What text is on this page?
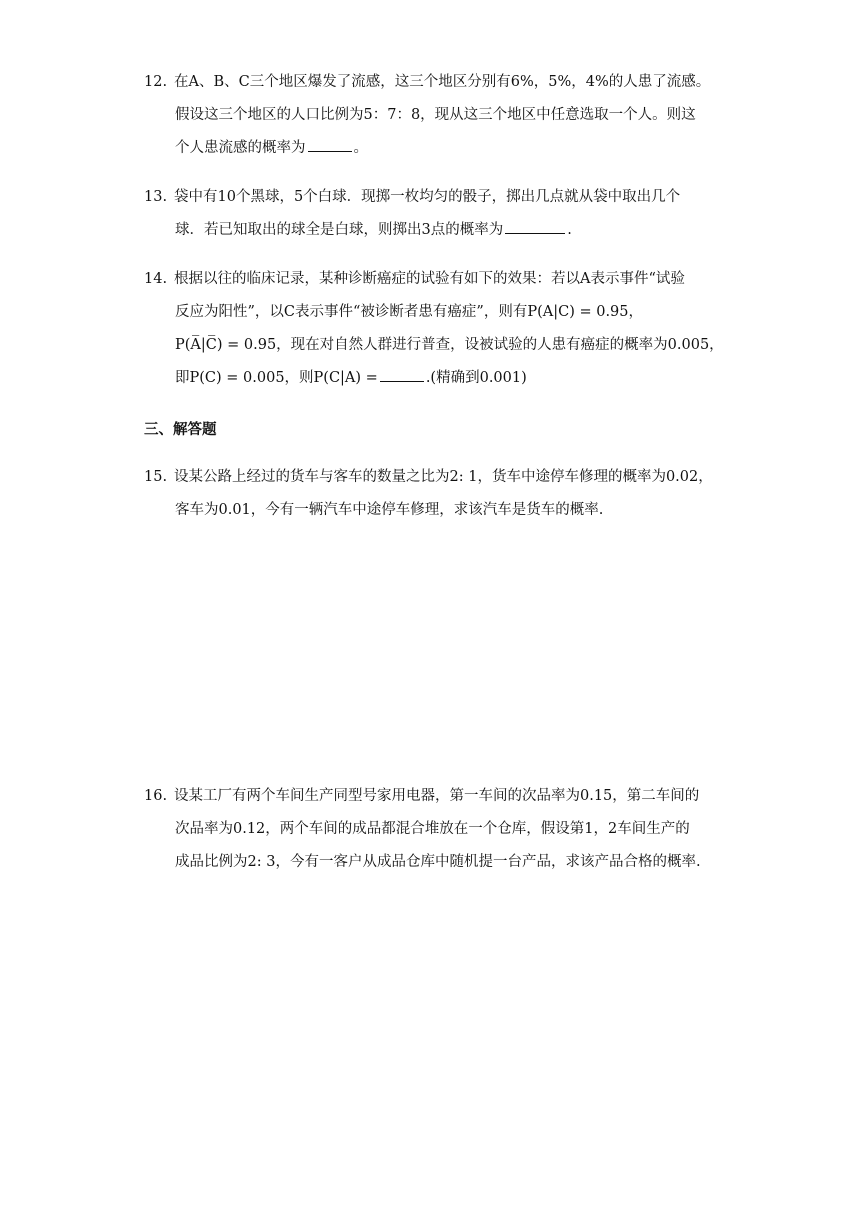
12. 在A、B、C三个地区爆发了流感，这三个地区分别有6%，5%，4%的人患了流感。
假设这三个地区的人口比例为5：7：8，现从这三个地区中任意选取一个人。则这
个人患流感的概率为	。
13. 袋中有10个黑球，5个白球．现掷一枚均匀的骰子，掷出几点就从袋中取出几个
球．若已知取出的球全是白球，则掷出3点的概率为	.
14. 根据以往的临床记录，某种诊断癌症的试验有如下的效果：若以A表示事件“试验
反应为阳性”，以C表示事件“被诊断者患有癌症”，则有P(A|C) = 0.95，
P(A̅|C̅) = 0.95，现在对自然人群进行普查，设被试验的人患有癌症的概率为0.005，
即P(C) = 0.005，则P(C|A) =	.(精确到0.001)
三、解答题
15. 设某公路上经过的货车与客车的数量之比为2: 1，货车中途停车修理的概率为0.02，
客车为0.01，今有一辆汽车中途停车修理，求该汽车是货车的概率.
16. 设某工厂有两个车间生产同型号家用电器，第一车间的次品率为0.15，第二车间的
次品率为0.12，两个车间的成品都混合堆放在一个仓库，假设第1，2车间生产的
成品比例为2: 3，今有一客户从成品仓库中随机提一台产品，求该产品合格的概率.
